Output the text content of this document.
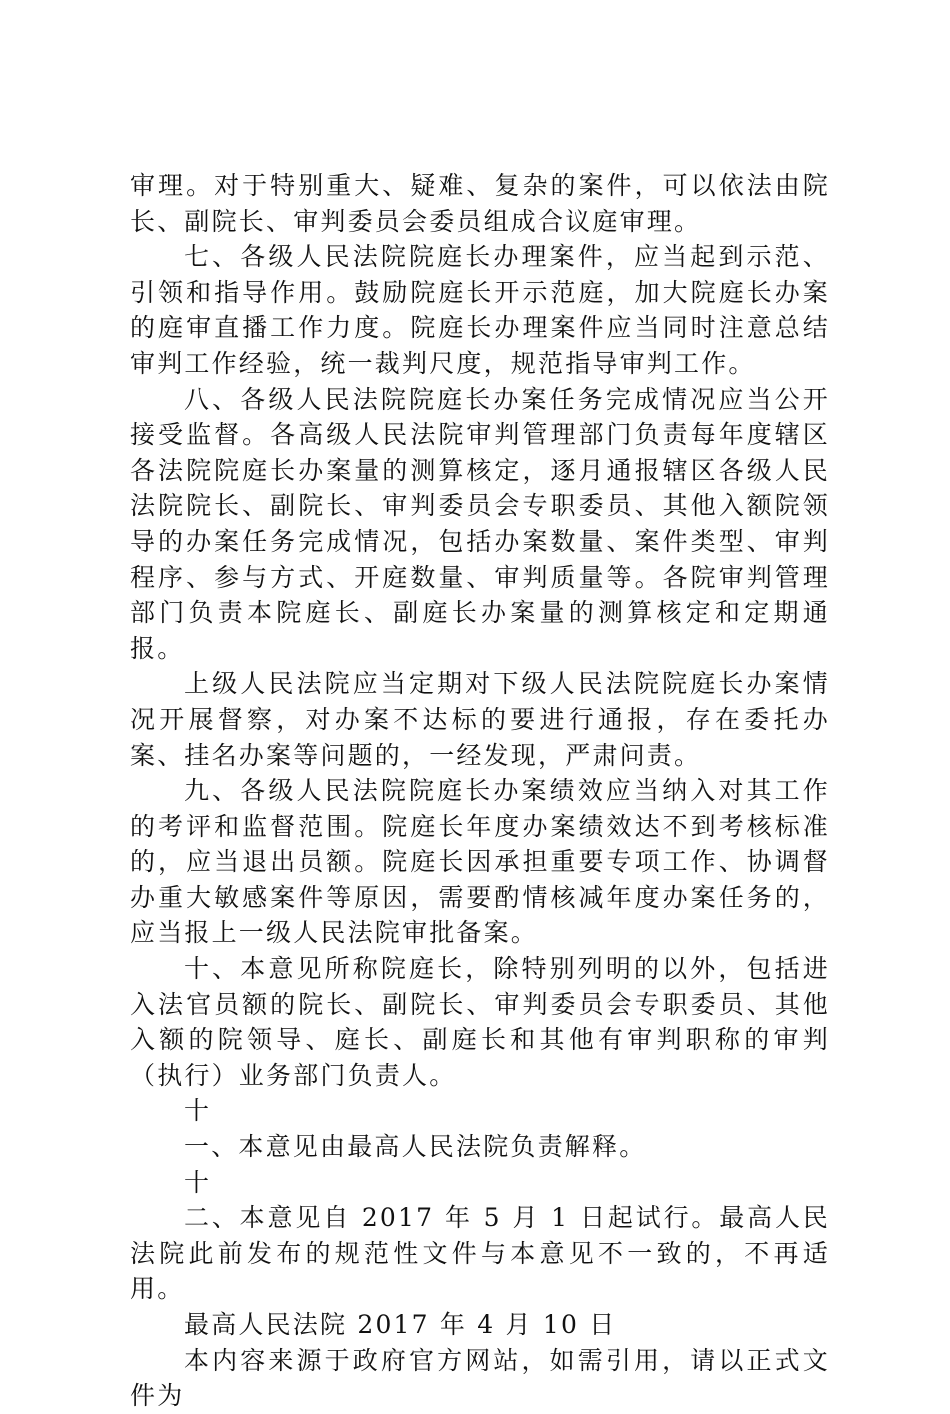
审理。对于特别重大、疑难、复杂的案件，可以依法由院长、副院长、审判委员会委员组成合议庭审理。

七、各级人民法院院庭长办理案件，应当起到示范、引领和指导作用。鼓励院庭长开示范庭，加大院庭长办案的庭审直播工作力度。院庭长办理案件应当同时注意总结审判工作经验，统一裁判尺度，规范指导审判工作。

八、各级人民法院院庭长办案任务完成情况应当公开接受监督。各高级人民法院审判管理部门负责每年度辖区各法院院庭长办案量的测算核定，逐月通报辖区各级人民法院院长、副院长、审判委员会专职委员、其他入额院领导的办案任务完成情况，包括办案数量、案件类型、审判程序、参与方式、开庭数量、审判质量等。各院审判管理部门负责本院庭长、副庭长办案量的测算核定和定期通报。

上级人民法院应当定期对下级人民法院院庭长办案情况开展督察，对办案不达标的要进行通报，存在委托办案、挂名办案等问题的，一经发现，严肃问责。

九、各级人民法院院庭长办案绩效应当纳入对其工作的考评和监督范围。院庭长年度办案绩效达不到考核标准的，应当退出员额。院庭长因承担重要专项工作、协调督办重大敏感案件等原因，需要酌情核减年度办案任务的，应当报上一级人民法院审批备案。

十、本意见所称院庭长，除特别列明的以外，包括进入法官员额的院长、副院长、审判委员会专职委员、其他入额的院领导、庭长、副庭长和其他有审判职称的审判（执行）业务部门负责人。

十

一、本意见由最高人民法院负责解释。

十

二、本意见自 2017 年 5 月 1 日起试行。最高人民法院此前发布的规范性文件与本意见不一致的，不再适用。

最高人民法院 2017 年 4 月 10 日

本内容来源于政府官方网站，如需引用，请以正式文件为
